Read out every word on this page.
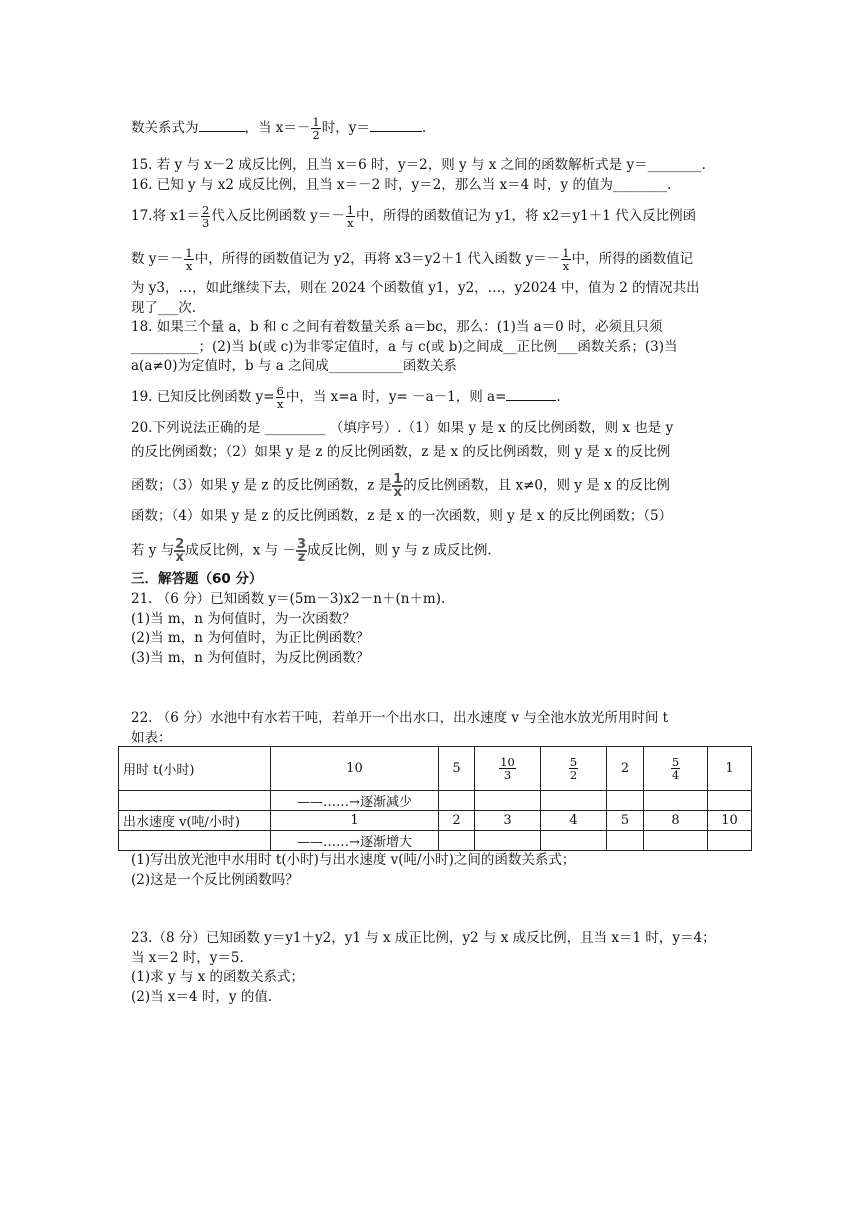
数关系式为	，当 $x=- \frac{1}{2}$ 时，y＝	.
15. 若 y 与 x－2 成反比例，且当 x＝6 时，y＝2，则 y 与 x 之间的函数解析式是 y＝________.
16. 已知 y 与 x2 成反比例，且当 x＝－2 时，y＝2，那么当 x＝4 时，y 的值为________.
17.将 $x1= \frac{2}{3}$ 代入反比例函数 $y=- \frac{1}{x}$ 中，所得的函数值记为 y1，将 x2＝y1＋1 代入反比例函
数 $y=- \frac{1}{x}$ 中，所得的函数值记为 y2，再将 x3＝y2＋1 代入函数 $y=- \frac{1}{x}$ 中，所得的函数值记
为 y3，…，如此继续下去，则在 2024 个函数值 y1，y2，…，y2024 中，值为 2 的情况共出
现了___次.
18. 如果三个量 a，b 和 c 之间有着数量关系 a＝bc，那么：(1)当 a＝0 时，必须且只须
__________；(2)当 b(或 c)为非零定值时，a 与 c(或 b)之间成__正比例___函数关系；(3)当
a(a≠0)为定值时，b 与 a 之间成___________函数关系
19. 已知反比例函数 $y= \frac{6}{x}$ 中，当 x=a 时，y= －a－1，则 a=	.
20.下列说法正确的是 _________ （填序号）.（1）如果 y 是 x 的反比例函数，则 x 也是 y
的反比例函数；（2）如果 y 是 z 的反比例函数，z 是 x 的反比例函数，则 y 是 x 的反比例
函数；（3）如果 y 是 z 的反比例函数，z 是 $\frac{1}{x}$ 的反比例函数，且 x≠0，则 y 是 x 的反比例
函数；（4）如果 y 是 z 的反比例函数，z 是 x 的一次函数，则 y 是 x 的反比例函数；（5）
若 y 与 $\frac{2}{x}$ 成反比例，x 与 － $\frac{3}{z}$ 成反比例，则 y 与 z 成反比例.
三．解答题（60 分）
21. （6 分）已知函数 y＝(5m－3)x2－n＋(n＋m).
(1)当 m，n 为何值时，为一次函数？
(2)当 m，n 为何值时，为正比例函数？
(3)当 m，n 为何值时，为反比例函数？
22. （6 分）水池中有水若干吨，若单开一个出水口，出水速度 v 与全池水放光所用时间 t
如表：
用时 t(小时)	10	5	$\frac{10}{3}$	$\frac{5}{2}$	2	$\frac{5}{4}$	1
	——……→逐渐减少						
出水速度 v(吨/小时)	1	2	3	4	5	8	10
	——……→逐渐增大						
(1)写出放光池中水用时 t(小时)与出水速度 v(吨/小时)之间的函数关系式；
(2)这是一个反比例函数吗？
23.（8 分）已知函数 y＝y1＋y2，y1 与 x 成正比例，y2 与 x 成反比例，且当 x＝1 时，y＝4；
当 x＝2 时，y＝5.
(1)求 y 与 x 的函数关系式；
(2)当 x＝4 时，y 的值.
